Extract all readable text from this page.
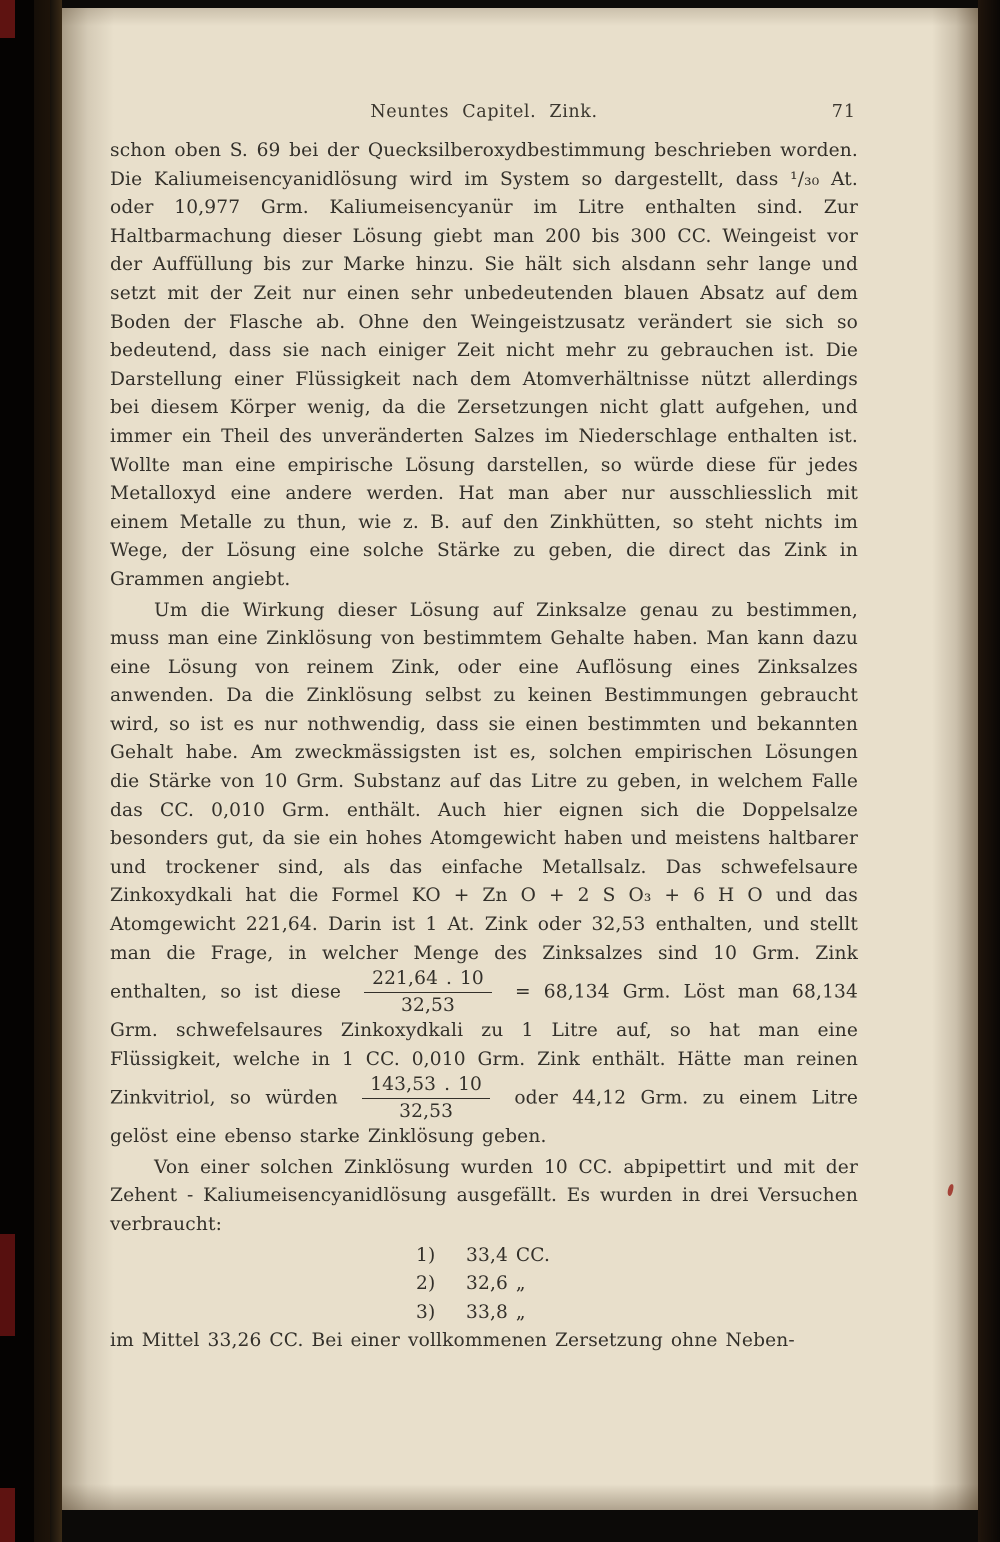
Neuntes Capitel. Zink.	71

schon oben S. 69 bei der Quecksilberoxydbestimmung beschrieben worden. Die Kaliumeisencyanidlösung wird im System so dargestellt, dass ¹/₃₀ At. oder 10,977 Grm. Kaliumeisencyanür im Litre enthalten sind. Zur Haltbarmachung dieser Lösung giebt man 200 bis 300 CC. Weingeist vor der Auffüllung bis zur Marke hinzu. Sie hält sich alsdann sehr lange und setzt mit der Zeit nur einen sehr unbedeutenden blauen Absatz auf dem Boden der Flasche ab. Ohne den Weingeistzusatz verändert sie sich so bedeutend, dass sie nach einiger Zeit nicht mehr zu gebrauchen ist. Die Darstellung einer Flüssigkeit nach dem Atomverhältnisse nützt allerdings bei diesem Körper wenig, da die Zersetzungen nicht glatt aufgehen, und immer ein Theil des unveränderten Salzes im Niederschlage enthalten ist. Wollte man eine empirische Lösung darstellen, so würde diese für jedes Metalloxyd eine andere werden. Hat man aber nur ausschliesslich mit einem Metalle zu thun, wie z. B. auf den Zinkhütten, so steht nichts im Wege, der Lösung eine solche Stärke zu geben, die direct das Zink in Grammen angiebt.

Um die Wirkung dieser Lösung auf Zinksalze genau zu bestimmen, muss man eine Zinklösung von bestimmtem Gehalte haben. Man kann dazu eine Lösung von reinem Zink, oder eine Auflösung eines Zinksalzes anwenden. Da die Zinklösung selbst zu keinen Bestimmungen gebraucht wird, so ist es nur nothwendig, dass sie einen bestimmten und bekannten Gehalt habe. Am zweckmässigsten ist es, solchen empirischen Lösungen die Stärke von 10 Grm. Substanz auf das Litre zu geben, in welchem Falle das CC. 0,010 Grm. enthält. Auch hier eignen sich die Doppelsalze besonders gut, da sie ein hohes Atomgewicht haben und meistens haltbarer und trockener sind, als das einfache Metallsalz. Das schwefelsaure Zinkoxydkali hat die Formel KO + Zn O + 2 S O₃ + 6 H O und das Atomgewicht 221,64. Darin ist 1 At. Zink oder 32,53 enthalten, und stellt man die Frage, in welcher Menge des Zinksalzes sind 10 Grm. Zink enthalten, so ist diese $\frac{221,64 . 10}{32,53} = 68,134$ Grm. Löst man 68,134 Grm. schwefelsaures Zinkoxydkali zu 1 Litre auf, so hat man eine Flüssigkeit, welche in 1 CC. 0,010 Grm. Zink enthält. Hätte man reinen Zinkvitriol, so würden $\frac{143,53 . 10}{32,53}$ oder 44,12 Grm. zu einem Litre gelöst eine ebenso starke Zinklösung geben.

Von einer solchen Zinklösung wurden 10 CC. abpipettirt und mit der Zehent - Kaliumeisencyanidlösung ausgefällt. Es wurden in drei Versuchen verbraucht:

1)	33,4 CC.
2)	32,6 „
3)	33,8 „

im Mittel 33,26 CC. Bei einer vollkommenen Zersetzung ohne Neben-
